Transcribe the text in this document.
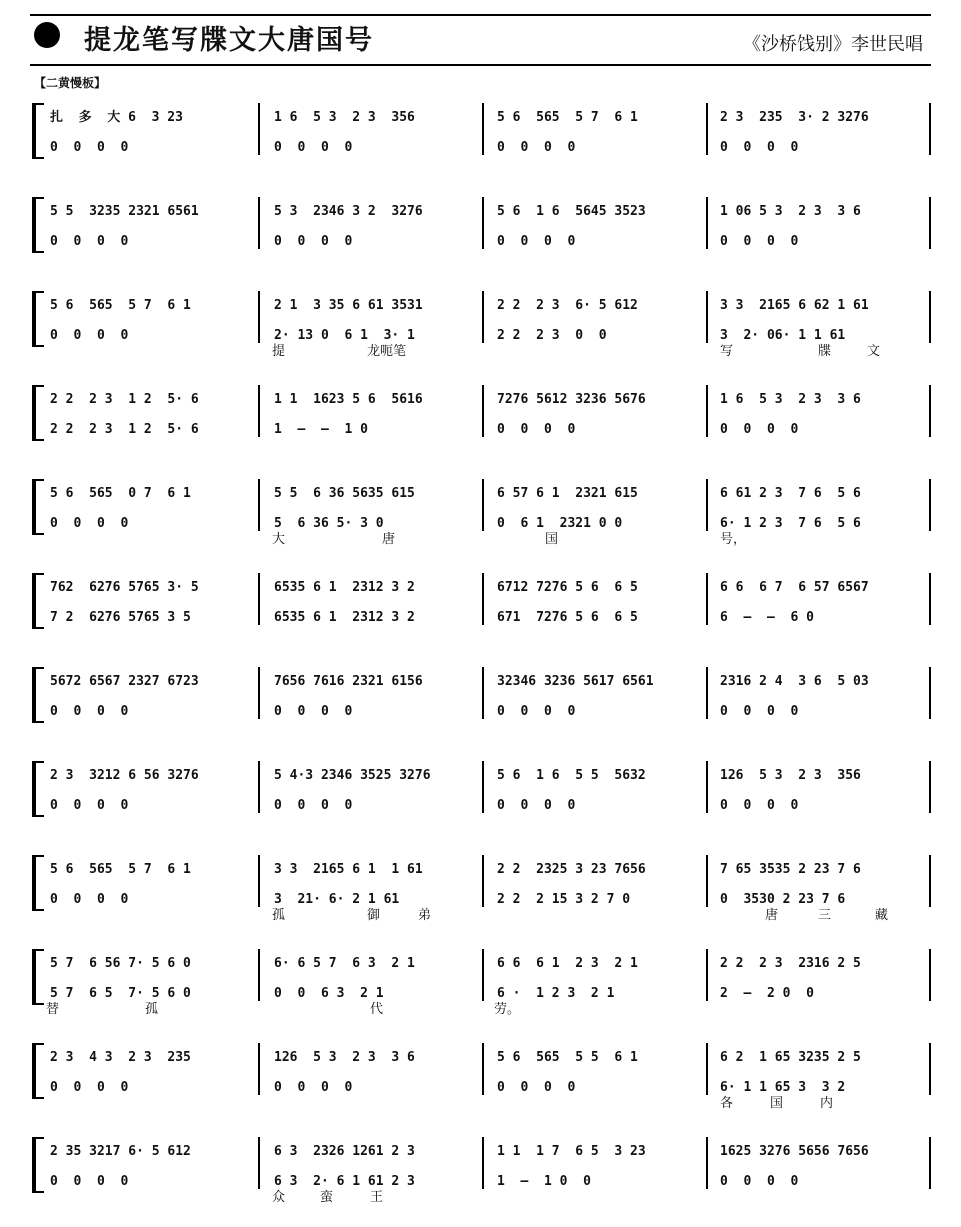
提龙笔写牒文大唐国号	《沙桥饯别》李世民唱
【二黄慢板】
扎  多  大 6  3 23	1 6  5 3  2 3  356	5 6  565  5 7  6 1	2 3  235  3· 2 3276
0  0  0  0	0  0  0  0	0  0  0  0	0  0  0  0
5 5  3235 2321 6561	5 3  2346 3 2  3276	5 6  1 6  5645 3523	1 06 5 3  2 3  3 6
0  0  0  0	0  0  0  0	0  0  0  0	0  0  0  0
5 6  565  5 7  6 1	2 1  3 35 6 61 3531	2 2  2 3  6· 5 612	3 3  2165 6 62 1 61
0  0  0  0	2· 13 0  6 1  3· 1	2 2  2 3  0  0	3  2· 06· 1 1 61
提	龙呃笔	写	牒	文
2 2  2 3  1 2  5· 6	1 1  1623 5 6  5616	7276 5612 3236 5676	1 6  5 3  2 3  3 6
2 2  2 3  1 2  5· 6	1  —  —  1 0	0  0  0  0	0  0  0  0
5 6  565  0 7  6 1	5 5  6 36 5635 615	6 57 6 1  2321 615	6 61 2 3  7 6  5 6
0  0  0  0	5  6 36 5· 3 0	0  6 1  2321 0 0	6· 1 2 3  7 6  5 6
大	唐	国	号，
762  6276 5765 3· 5	6535 6 1  2312 3 2	6712 7276 5 6  6 5	6 6  6 7  6 57 6567
7 2  6276 5765 3 5	6535 6 1  2312 3 2	671  7276 5 6  6 5	6  —  —  6 0
5672 6567 2327 6723	7656 7616 2321 6156	32346 3236 5617 6561	2316 2 4  3 6  5 03
0  0  0  0	0  0  0  0	0  0  0  0	0  0  0  0
2 3  3212 6 56 3276	5 4·3 2346 3525 3276	5 6  1 6  5 5  5632	126  5 3  2 3  356
0  0  0  0	0  0  0  0	0  0  0  0	0  0  0  0
5 6  565  5 7  6 1	3 3  2165 6 1  1 61	2 2  2325 3 23 7656	7 65 3535 2 23 7 6
0  0  0  0	3  21· 6· 2 1 61	2 2  2 15 3 2 7 0	0  3530 2 23 7 6
孤	御	弟	唐	三	藏
5 7  6 56 7· 5 6 0	6· 6 5 7  6 3  2 1	6 6  6 1  2 3  2 1	2 2  2 3  2316 2 5
5 7  6 5  7· 5 6 0	0  0  6 3  2 1	6 ·  1 2 3  2 1	2  —  2 0  0
替	孤	代	劳。
2 3  4 3  2 3  235	126  5 3  2 3  3 6	5 6  565  5 5  6 1	6 2  1 65 3235 2 5
0  0  0  0	0  0  0  0	0  0  0  0	6· 1 1 65 3  3 2
各	国	内
2 35 3217 6· 5 612	6 3  2326 1261 2 3	1 1  1 7  6 5  3 23	1625 3276 5656 7656
0  0  0  0	6 3  2· 6 1 61 2 3	1  —  1 0  0	0  0  0  0
众	蛮	王
